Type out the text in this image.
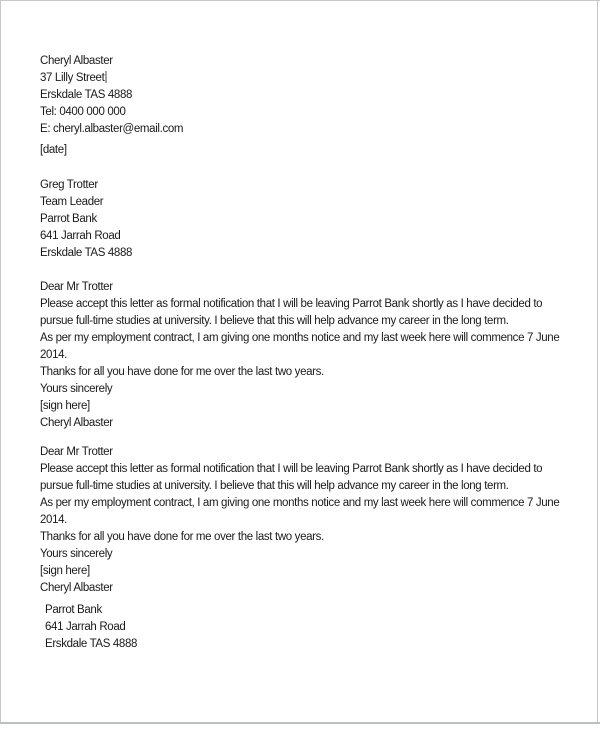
Cheryl Albaster
37 Lilly Street
Erskdale TAS 4888
Tel: 0400 000 000
E: cheryl.albaster@email.com
[date]
Greg Trotter
Team Leader
Parrot Bank
641 Jarrah Road
Erskdale TAS 4888
Dear Mr Trotter
Please accept this letter as formal notification that I will be leaving Parrot Bank shortly as I have decided to
pursue full-time studies at university. I believe that this will help advance my career in the long term.
As per my employment contract, I am giving one months notice and my last week here will commence 7 June
2014.
Thanks for all you have done for me over the last two years.
Yours sincerely
[sign here]
Cheryl Albaster
Dear Mr Trotter
Please accept this letter as formal notification that I will be leaving Parrot Bank shortly as I have decided to
pursue full-time studies at university. I believe that this will help advance my career in the long term.
As per my employment contract, I am giving one months notice and my last week here will commence 7 June
2014.
Thanks for all you have done for me over the last two years.
Yours sincerely
[sign here]
Cheryl Albaster
Parrot Bank
641 Jarrah Road
Erskdale TAS 4888
